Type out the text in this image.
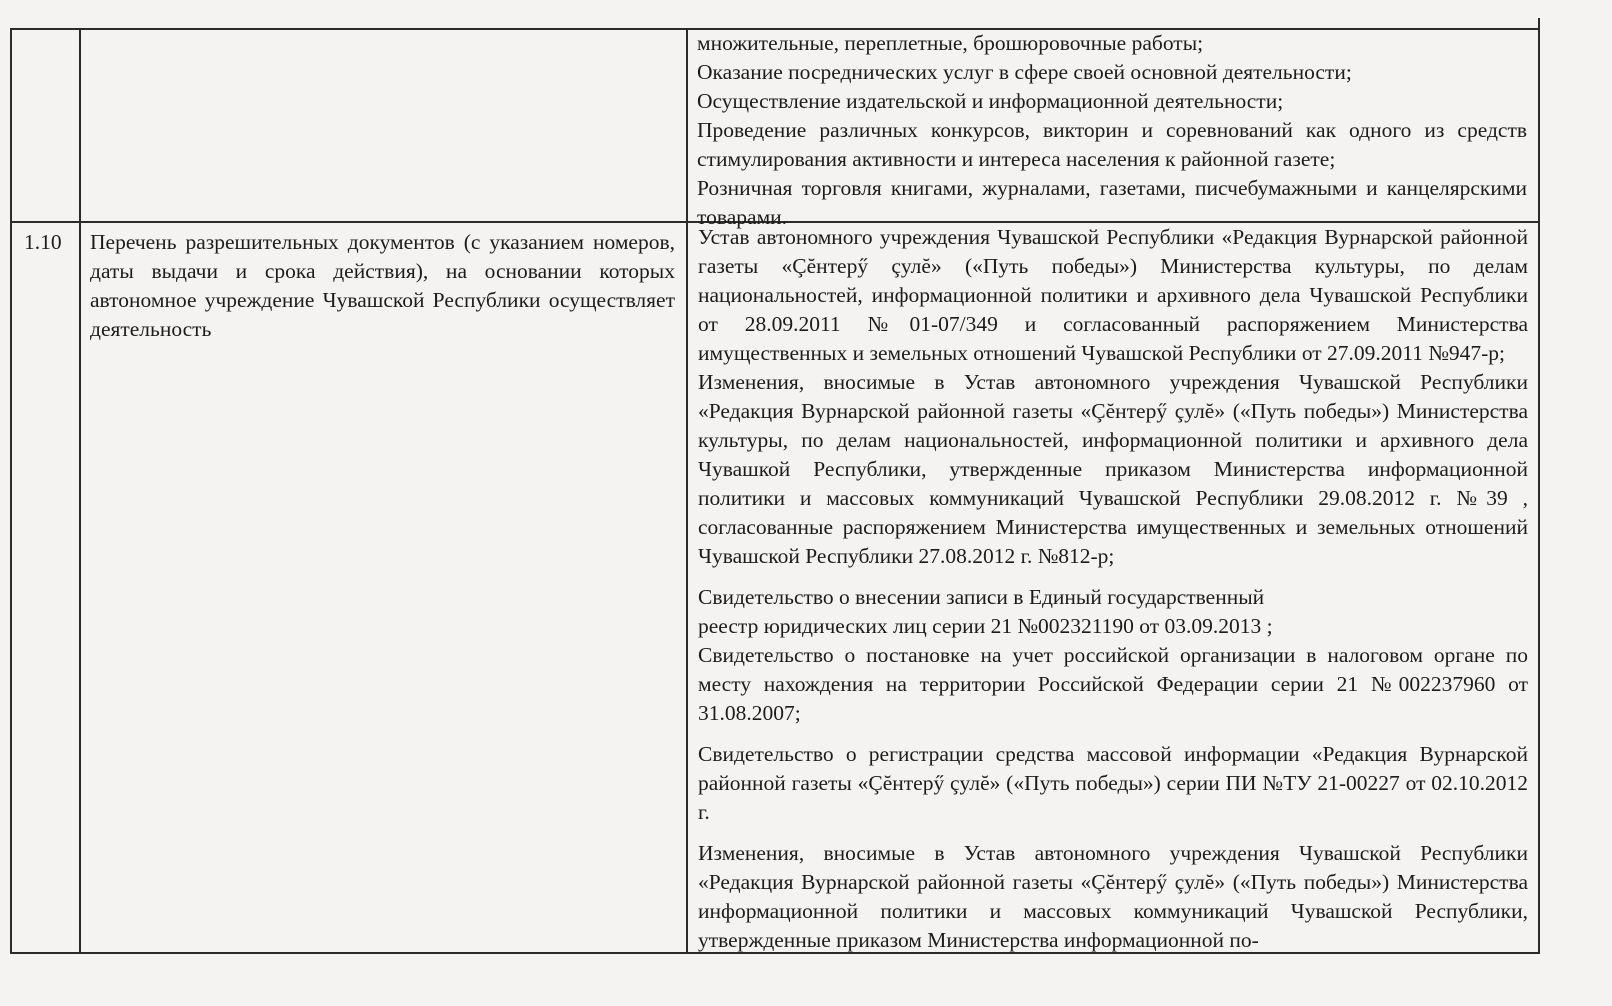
множительные, переплетные, брошюровочные работы;

Оказание посреднических услуг в сфере своей основной деятельности;

Осуществление издательской и информационной деятельности;

Проведение различных конкурсов, викторин и соревнований как одного из средств стимулирования активности и интереса населения к районной газете;

Розничная торговля книгами, журналами, газетами, писчебумажными и канцелярскими товарами.

1.10 Перечень разрешительных документов (с указанием номеров, даты выдачи и срока действия), на основании которых автономное учреждение Чувашской Республики осуществляет деятельность

Устав автономного учреждения Чувашской Республики «Редакция Вурнарской районной газеты «Çĕнтерӳ çулĕ» («Путь победы») Министерства культуры, по делам национальностей, информационной политики и архивного дела Чувашской Республики от 28.09.2011 №01-07/349 и согласованный распоряжением Министерства имущественных и земельных отношений Чувашской Республики от 27.09.2011 №947-р;

Изменения, вносимые в Устав автономного учреждения Чувашской Республики «Редакция Вурнарской районной газеты «Çĕнтерӳ çулĕ» («Путь победы») Министерства культуры, по делам национальностей, информационной политики и архивного дела Чувашкой Республики, утвержденные приказом Министерства информационной политики и массовых коммуникаций Чувашской Республики 29.08.2012 г. №39 , согласованные распоряжением Министерства имущественных и земельных отношений Чувашской Республики 27.08.2012 г. №812-р;

Свидетельство о внесении записи в Единый государственный

реестр юридических лиц серии 21 №002321190 от 03.09.2013 ;

Свидетельство о постановке на учет российской организации в налоговом органе по месту нахождения на территории Российской Федерации серии 21 №002237960 от 31.08.2007;

Свидетельство о регистрации средства массовой информации «Редакция Вурнарской районной газеты «Çĕнтерӳ çулĕ» («Путь победы») серии ПИ №ТУ 21-00227 от 02.10.2012 г.

Изменения, вносимые в Устав автономного учреждения Чувашской Республики «Редакция Вурнарской районной газеты «Çĕнтерӳ çулĕ» («Путь победы») Министерства информационной политики и массовых коммуникаций Чувашской Республики, утвержденные приказом Министерства информационной по-
